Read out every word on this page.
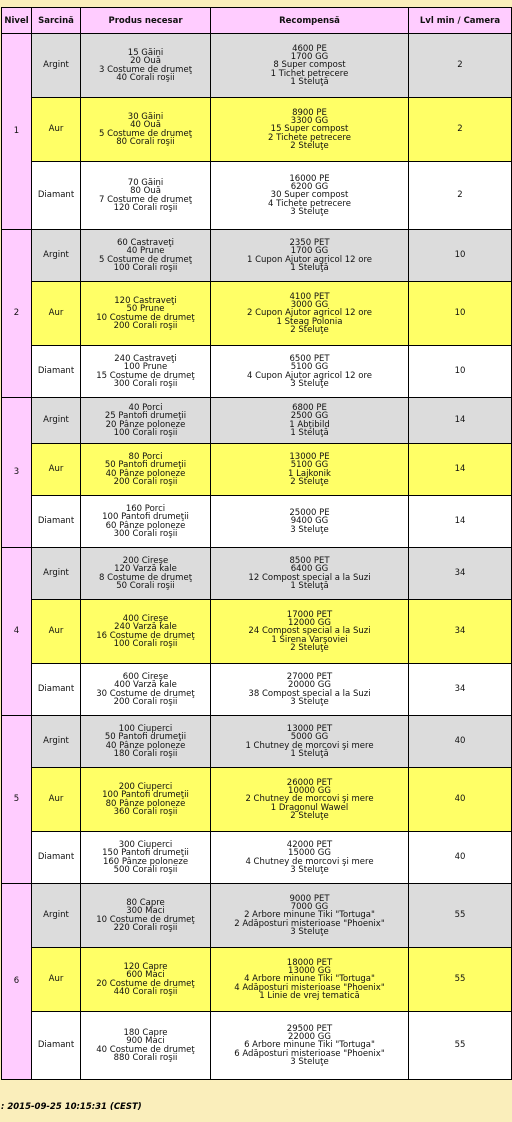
Nivel	Sarcină	Produs necesar	Recompensă	Lvl min / Camera
1	Argint	15 Găini
20 Ouă
3 Costume de drumeţ
40 Corali roşii	4600 PE
1700 GG
8 Super compost
1 Tichet petrecere
1 Steluţă	2
	Aur	30 Găini
40 Ouă
5 Costume de drumeţ
80 Corali roşii	8900 PE
3300 GG
15 Super compost
2 Tichete petrecere
2 Steluţe	2
	Diamant	70 Găini
80 Ouă
7 Costume de drumeţ
120 Corali roşii	16000 PE
6200 GG
30 Super compost
4 Tichete petrecere
3 Steluţe	2
2	Argint	60 Castraveţi
40 Prune
5 Costume de drumeţ
100 Corali roşii	2350 PET
1700 GG
1 Cupon Ajutor agricol 12 ore
1 Steluţă	10
	Aur	120 Castraveţi
50 Prune
10 Costume de drumeţ
200 Corali roşii	4100 PET
3000 GG
2 Cupon Ajutor agricol 12 ore
1 Steag Polonia
2 Steluţe	10
	Diamant	240 Castraveţi
100 Prune
15 Costume de drumeţ
300 Corali roşii	6500 PET
5100 GG
4 Cupon Ajutor agricol 12 ore
3 Steluţe	10
3	Argint	40 Porci
25 Pantofi drumeţii
20 Pânze poloneze
100 Corali roşii	6800 PE
2500 GG
1 Abţibild
1 Steluţă	14
	Aur	80 Porci
50 Pantofi drumeţii
40 Pânze poloneze
200 Corali roşii	13000 PE
5100 GG
1 Lajkonik
2 Steluţe	14
	Diamant	160 Porci
100 Pantofi drumeţii
60 Pânze poloneze
300 Corali roşii	25000 PE
9400 GG
3 Steluţe	14
4	Argint	200 Cireşe
120 Varză kale
8 Costume de drumeţ
50 Corali roşii	8500 PET
6400 GG
12 Compost special a la Suzi
1 Steluţă	34
	Aur	400 Cireşe
240 Varză kale
16 Costume de drumeţ
100 Corali roşii	17000 PET
12000 GG
24 Compost special a la Suzi
1 Sirena Varşoviei
2 Steluţe	34
	Diamant	600 Cireşe
400 Varză kale
30 Costume de drumeţ
200 Corali roşii	27000 PET
20000 GG
38 Compost special a la Suzi
3 Steluţe	34
5	Argint	100 Ciuperci
50 Pantofi drumeţii
40 Pânze poloneze
180 Corali roşii	13000 PET
5000 GG
1 Chutney de morcovi şi mere
1 Steluţă	40
	Aur	200 Ciuperci
100 Pantofi drumeţii
80 Pânze poloneze
360 Corali roşii	26000 PET
10000 GG
2 Chutney de morcovi şi mere
1 Dragonul Wawel
2 Steluţe	40
	Diamant	300 Ciuperci
150 Pantofi drumeţii
160 Pânze poloneze
500 Corali roşii	42000 PET
15000 GG
4 Chutney de morcovi şi mere
3 Steluţe	40
6	Argint	80 Capre
300 Maci
10 Costume de drumeţ
220 Corali roşii	9000 PET
7000 GG
2 Arbore minune Tiki "Tortuga"
2 Adăposturi misterioase "Phoenix"
3 Steluţe	55
	Aur	120 Capre
600 Maci
20 Costume de drumeţ
440 Corali roşii	18000 PET
13000 GG
4 Arbore minune Tiki "Tortuga"
4 Adăposturi misterioase "Phoenix"
1 Linie de vrej tematică	55
	Diamant	180 Capre
900 Maci
40 Costume de drumeţ
880 Corali roşii	29500 PET
22000 GG
6 Arbore minune Tiki "Tortuga"
6 Adăposturi misterioase "Phoenix"
3 Steluţe	55
: 2015-09-25 10:15:31 (CEST)
